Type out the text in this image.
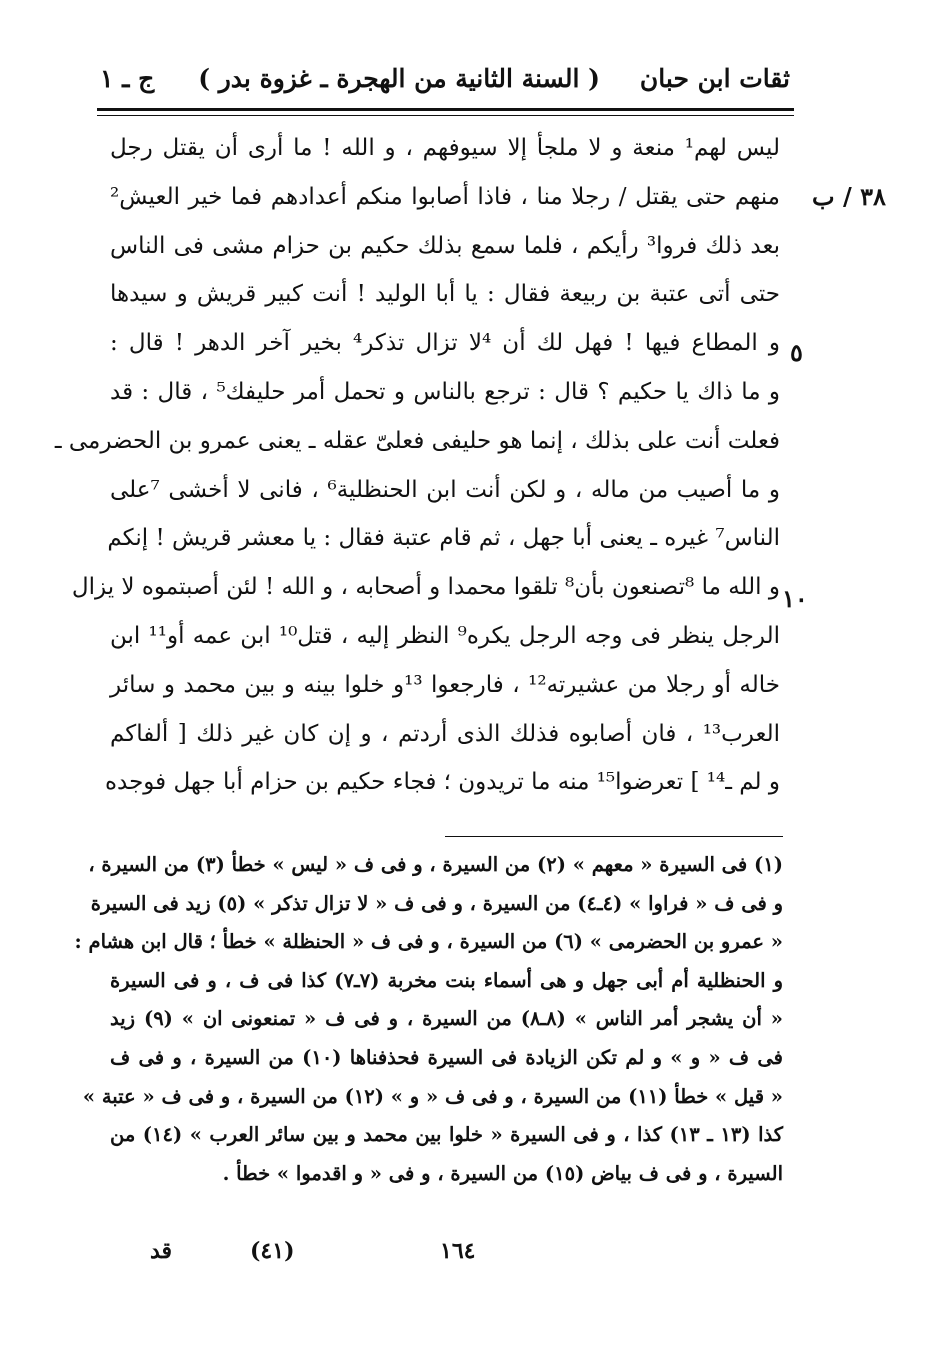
ثقات ابن حبان
( السنة الثانية من الهجرة ـ غزوة بدر )
ج ـ ١
٣٨ / ب
٥
١٠
ليس لهم¹ منعة و لا ملجأ إلا سيوفهم ، و الله ! ما أرى أن يقتل رجل
منهم حتى يقتل / رجلا منا ، فاذا أصابوا منكم أعدادهم فما خير العيش²
بعد ذلك فروا³ رأيكم ، فلما سمع بذلك حكيم بن حزام مشى فى الناس
حتى أتى عتبة بن ربيعة فقال : يا أبا الوليد ! أنت كبير قريش و سيدها
و المطاع فيها ! فهل لك أن ⁴لا تزال تذكر⁴ بخير آخر الدهر ! قال :
و ما ذاك يا حكيم ؟ قال : ترجع بالناس و تحمل أمر حليفك⁵ ، قال : قد
فعلت أنت على بذلك ، إنما هو حليفى فعلىّ عقله ـ يعنى عمرو بن الحضرمى ـ
و ما أصيب من ماله ، و لكن أنت ابن الحنظلية⁶ ، فانى لا أخشى ⁷على
الناس⁷ غيره ـ يعنى أبا جهل ، ثم قام عتبة فقال : يا معشر قريش ! إنكم
و الله ما ⁸تصنعون بأن⁸ تلقوا محمدا و أصحابه ، و الله ! لئن أصبتموه لا يزال
الرجل ينظر فى وجه الرجل يكره⁹ النظر إليه ، قتل¹⁰ ابن عمه أو¹¹ ابن
خاله أو رجلا من عشيرته¹² ، فارجعوا ¹³و خلوا بينه و بين محمد و سائر
العرب¹³ ، فان أصابوه فذلك الذى أردتم ، و إن كان غير ذلك [ ألفاكم
و لم ـ¹⁴ ] تعرضوا¹⁵ منه ما تريدون ؛ فجاء حكيم بن حزام أبا جهل فوجده
(١) فى السيرة « معهم » (٢) من السيرة ، و فى ف « ليس » خطأ (٣) من السيرة ،
و فى ف « فراوا » (٤ـ٤) من السيرة ، و فى ف « لا تزال تذكر » (٥) زيد فى السيرة
« عمرو بن الحضرمى » (٦) من السيرة ، و فى ف « الحنظلة » خطأ ؛ قال ابن هشام :
و الحنظلية أم أبى جهل و هى أسماء بنت مخربة (٧ـ٧) كذا فى ف ، و فى السيرة
« أن يشجر أمر الناس » (٨ـ٨) من السيرة ، و فى ف « تمنعونى ان » (٩) زيد
فى ف « و » و لم تكن الزيادة فى السيرة فحذفناها (١٠) من السيرة ، و فى ف
« قيل » خطأ (١١) من السيرة ، و فى ف « و » (١٢) من السيرة ، و فى ف « عتبة »
كذا (١٣ ـ ١٣) كذا ، و فى السيرة « خلوا بين محمد و بين سائر العرب » (١٤) من
السيرة ، و فى ف بياض (١٥) من السيرة ، و فى « و اقدموا » خطأ .
١٦٤
(٤١)
قد
